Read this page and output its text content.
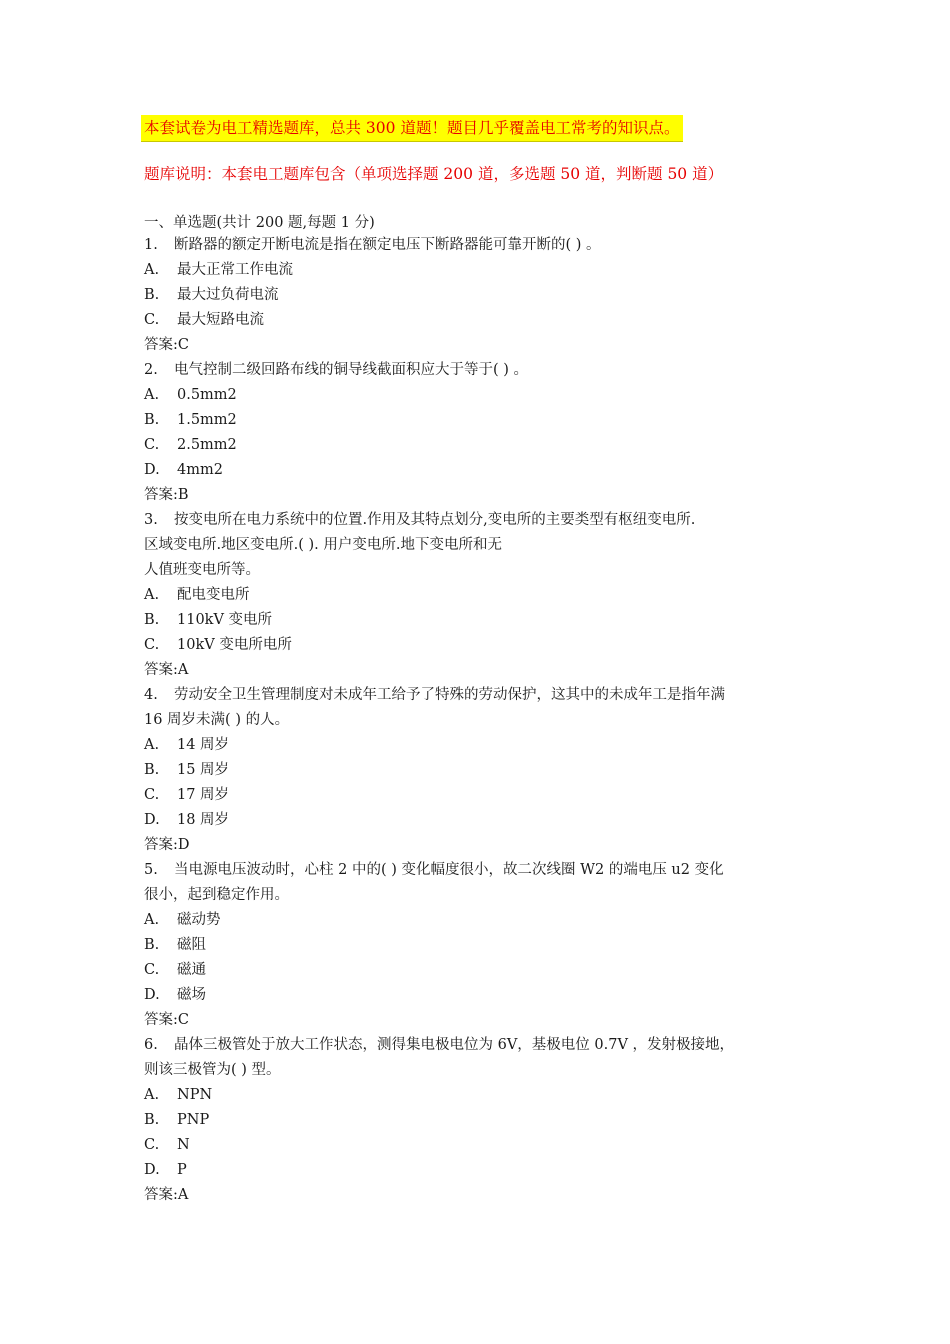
本套试卷为电工精选题库，总共 300 道题！题目几乎覆盖电工常考的知识点。
题库说明：本套电工题库包含（单项选择题 200 道，多选题 50 道，判断题 50 道）
一、单选题(共计 200 题,每题 1 分)
1. 断路器的额定开断电流是指在额定电压下断路器能可靠开断的( ) 。
A. 最大正常工作电流
B. 最大过负荷电流
C. 最大短路电流
答案:C
2. 电气控制二级回路布线的铜导线截面积应大于等于( ) 。
A. 0.5mm2
B. 1.5mm2
C. 2.5mm2
D. 4mm2
答案:B
3. 按变电所在电力系统中的位置.作用及其特点划分,变电所的主要类型有枢纽变电所.
区域变电所.地区变电所.( ). 用户变电所.地下变电所和无
人值班变电所等。
A. 配电变电所
B. 110kV 变电所
C. 10kV 变电所电所
答案:A
4. 劳动安全卫生管理制度对未成年工给予了特殊的劳动保护，这其中的未成年工是指年满
16 周岁未满( ) 的人。
A. 14 周岁
B. 15 周岁
C. 17 周岁
D. 18 周岁
答案:D
5. 当电源电压波动时，心柱 2 中的( ) 变化幅度很小，故二次线圈 W2 的端电压 u2 变化
很小，起到稳定作用。
A. 磁动势
B. 磁阻
C. 磁通
D. 磁场
答案:C
6. 晶体三极管处于放大工作状态，测得集电极电位为 6V，基极电位 0.7V ，发射极接地，
则该三极管为( ) 型。
A. NPN
B. PNP
C. N
D. P
答案:A
